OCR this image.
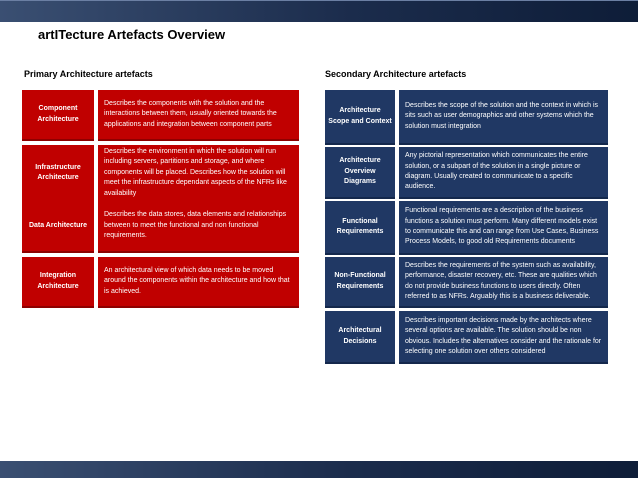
artITecture Artefacts Overview
Primary Architecture artefacts	Secondary Architecture artefacts
Component Architecture
Describes the components with the solution and the interactions between them, usually oriented towards the applications and integration between component parts
Infrastructure Architecture
Describes the environment in which the solution will run including servers, partitions and storage, and where components will be placed. Describes how the solution will meet the infrastructure dependant aspects of the NFRs like availability
Data Architecture
Describes the data stores, data elements and relationships between to meet the functional and non functional requirements.
Integration Architecture
An architectural view of which data needs to be moved around the components within the architecture and how that is achieved.
Architecture Scope and Context
Describes the scope of the solution and the context in which is sits such as user demographics and other systems which the solution must integration
Architecture Overview Diagrams
Any pictorial representation which communicates the entire solution, or a subpart of the solution in a single picture or diagram. Usually created to communicate to a specific audience.
Functional Requirements
Functional requirements are a description of the business functions a solution must perform. Many different models exist to communicate this and can range from Use Cases, Business Process Models, to good old Requirements documents
Non-Functional Requirements
Describes the requirements of the system such as availability, performance, disaster recovery, etc. These are qualities which do not provide business functions to users directly. Often referred to as NFRs. Arguably this is a business deliverable.
Architectural Decisions
Describes important decisions made by the architects where several options are available. The solution should be non obvious. Includes the alternatives consider and the rationale for selecting one solution over others considered
